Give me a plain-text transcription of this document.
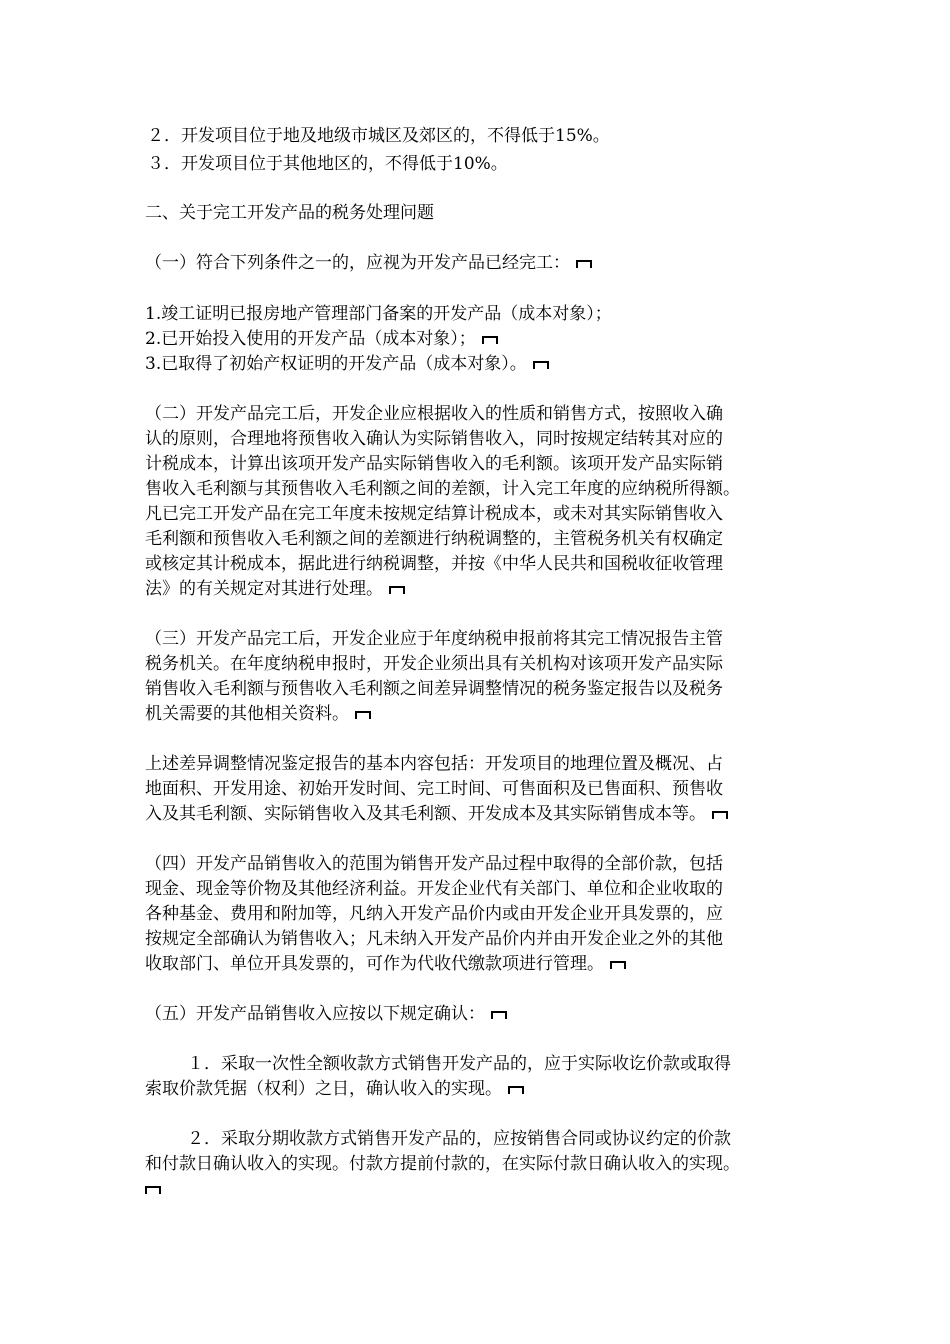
２．开发项目位于地及地级市城区及郊区的，不得低于15%。
３．开发项目位于其他地区的，不得低于10%。
二、关于完工开发产品的税务处理问题
（一）符合下列条件之一的，应视为开发产品已经完工：
1.竣工证明已报房地产管理部门备案的开发产品（成本对象）；
2.已开始投入使用的开发产品（成本对象）；
3.已取得了初始产权证明的开发产品（成本对象）。
（二）开发产品完工后，开发企业应根据收入的性质和销售方式，按照收入确
认的原则，合理地将预售收入确认为实际销售收入，同时按规定结转其对应的
计税成本，计算出该项开发产品实际销售收入的毛利额。该项开发产品实际销
售收入毛利额与其预售收入毛利额之间的差额，计入完工年度的应纳税所得额。
凡已完工开发产品在完工年度未按规定结算计税成本，或未对其实际销售收入
毛利额和预售收入毛利额之间的差额进行纳税调整的，主管税务机关有权确定
或核定其计税成本，据此进行纳税调整，并按《中华人民共和国税收征收管理
法》的有关规定对其进行处理。
（三）开发产品完工后，开发企业应于年度纳税申报前将其完工情况报告主管
税务机关。在年度纳税申报时，开发企业须出具有关机构对该项开发产品实际
销售收入毛利额与预售收入毛利额之间差异调整情况的税务鉴定报告以及税务
机关需要的其他相关资料。
上述差异调整情况鉴定报告的基本内容包括：开发项目的地理位置及概况、占
地面积、开发用途、初始开发时间、完工时间、可售面积及已售面积、预售收
入及其毛利额、实际销售收入及其毛利额、开发成本及其实际销售成本等。
（四）开发产品销售收入的范围为销售开发产品过程中取得的全部价款，包括
现金、现金等价物及其他经济利益。开发企业代有关部门、单位和企业收取的
各种基金、费用和附加等，凡纳入开发产品价内或由开发企业开具发票的，应
按规定全部确认为销售收入；凡未纳入开发产品价内并由开发企业之外的其他
收取部门、单位开具发票的，可作为代收代缴款项进行管理。
（五）开发产品销售收入应按以下规定确认：
１．采取一次性全额收款方式销售开发产品的，应于实际收讫价款或取得
索取价款凭据（权利）之日，确认收入的实现。
２．采取分期收款方式销售开发产品的，应按销售合同或协议约定的价款
和付款日确认收入的实现。付款方提前付款的，在实际付款日确认收入的实现。
